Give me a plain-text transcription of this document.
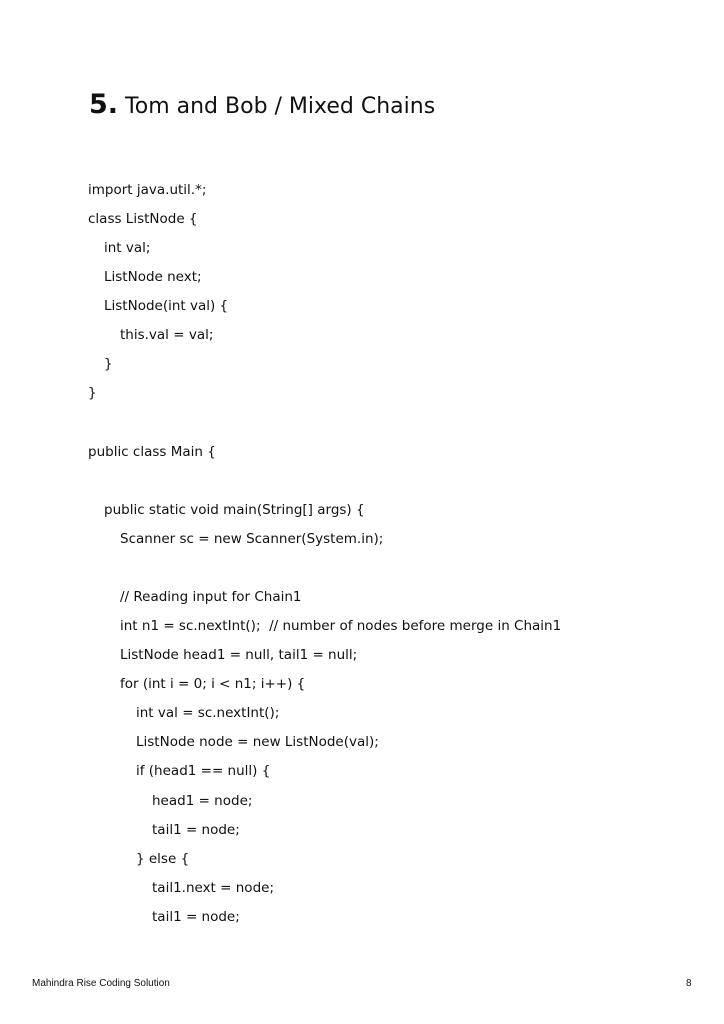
5. Tom and Bob / Mixed Chains
import java.util.*;
class ListNode {
int val;
ListNode next;
ListNode(int val) {
this.val = val;
}
}
public class Main {
public static void main(String[] args) {
Scanner sc = new Scanner(System.in);
// Reading input for Chain1
int n1 = sc.nextInt();  // number of nodes before merge in Chain1
ListNode head1 = null, tail1 = null;
for (int i = 0; i < n1; i++) {
int val = sc.nextInt();
ListNode node = new ListNode(val);
if (head1 == null) {
head1 = node;
tail1 = node;
} else {
tail1.next = node;
tail1 = node;
Mahindra Rise Coding Solution	8
